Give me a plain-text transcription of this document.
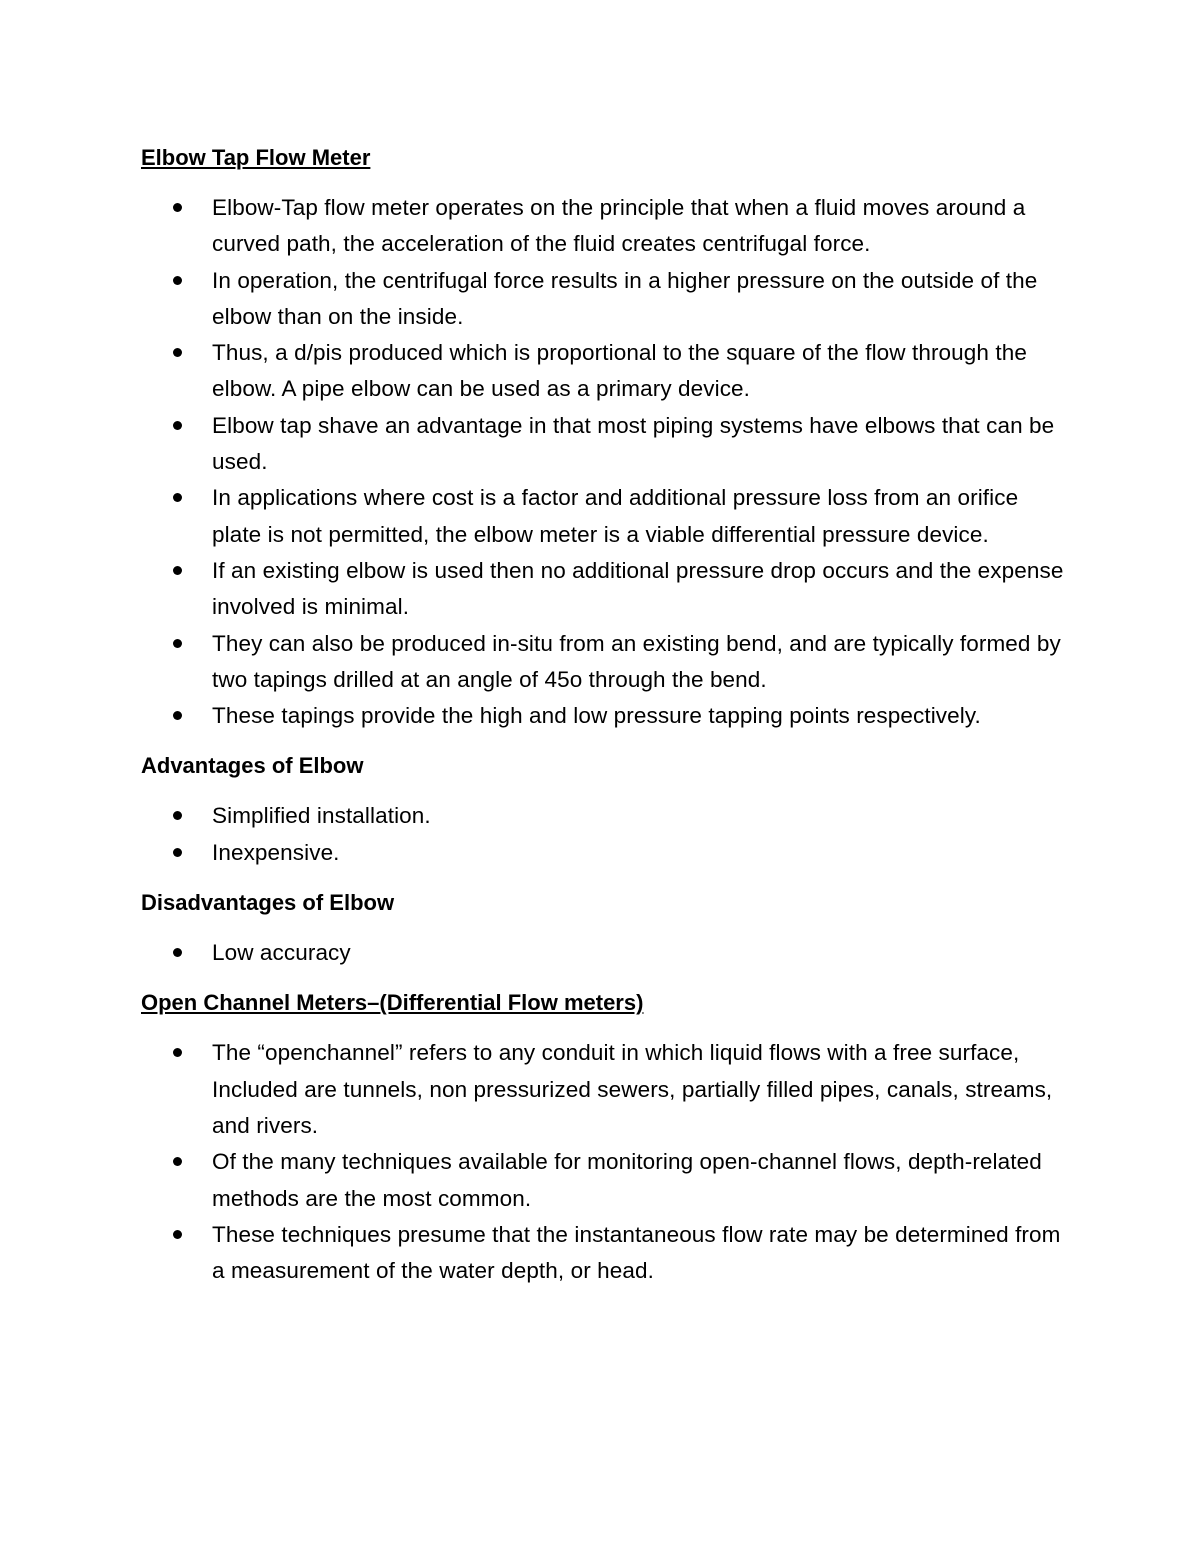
Elbow Tap Flow Meter
Elbow-Tap flow meter operates on the principle that when a fluid moves around a curved path, the acceleration of the fluid creates centrifugal force.
In operation, the centrifugal force results in a higher pressure on the outside of the elbow than on the inside.
Thus, a d/pis produced which is proportional to the square of the flow through the elbow. A pipe elbow can be used as a primary device.
Elbow tap shave an advantage in that most piping systems have elbows that can be used.
In applications where cost is a factor and additional pressure loss from an orifice plate is not permitted, the elbow meter is a viable differential pressure device.
If an existing elbow is used then no additional pressure drop occurs and the expense involved is minimal.
They can also be produced in-situ from an existing bend, and are typically formed by two tapings drilled at an angle of 45o through the bend.
These tapings provide the high and low pressure tapping points respectively.
Advantages of Elbow
Simplified installation.
Inexpensive.
Disadvantages of Elbow
Low accuracy
Open Channel Meters–(Differential Flow meters)
The “openchannel” refers to any conduit in which liquid flows with a free surface, Included are tunnels, non pressurized sewers, partially filled pipes, canals, streams, and rivers.
Of the many techniques available for monitoring open-channel flows, depth-related methods are the most common.
These techniques presume that the instantaneous flow rate may be determined from a measurement of the water depth, or head.
